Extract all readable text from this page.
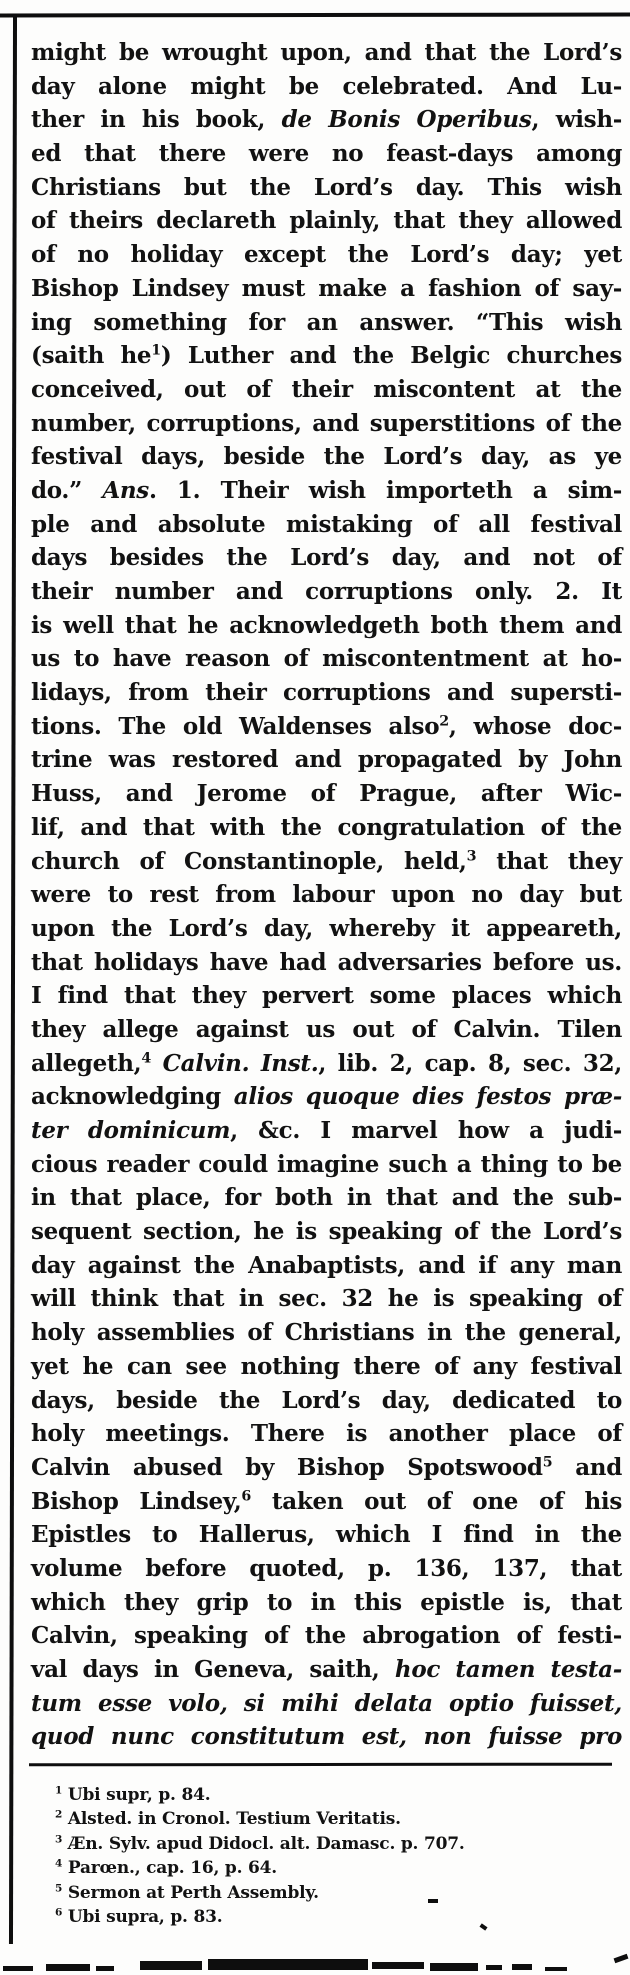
might be wrought upon, and that the Lord’s
day alone might be celebrated. And Lu-
ther in his book, de Bonis Operibus, wish-
ed that there were no feast-days among
Christians but the Lord’s day. This wish
of theirs declareth plainly, that they allowed
of no holiday except the Lord’s day; yet
Bishop Lindsey must make a fashion of say-
ing something for an answer. “This wish
(saith $he^1$) Luther and the Belgic churches
conceived, out of their miscontent at the
number, corruptions, and superstitions of the
festival days, beside the Lord’s day, as ye
do.” Ans. 1. Their wish importeth a sim-
ple and absolute mistaking of all festival
days besides the Lord’s day, and not of
their number and corruptions only. 2. It
is well that he acknowledgeth both them and
us to have reason of miscontentment at ho-
lidays, from their corruptions and supersti-
tions. The old Waldenses also$^2$, whose doc-
trine was restored and propagated by John
Huss, and Jerome of Prague, after Wic-
lif, and that with the congratulation of the
church of Constantinople, held,$^3$ that they
were to rest from labour upon no day but
upon the Lord’s day, whereby it appeareth,
that holidays have had adversaries before us.
I find that they pervert some places which
they allege against us out of Calvin. Tilen
allegeth,$^4$ Calvin. Inst., lib. 2, cap. 8, sec. 32,
acknowledging alios quoque dies festos præ-
ter dominicum, &c. I marvel how a judi-
cious reader could imagine such a thing to be
in that place, for both in that and the sub-
sequent section, he is speaking of the Lord’s
day against the Anabaptists, and if any man
will think that in sec. 32 he is speaking of
holy assemblies of Christians in the general,
yet he can see nothing there of any festival
days, beside the Lord’s day, dedicated to
holy meetings. There is another place of
Calvin abused by Bishop Spotswood$^5$ and
Bishop Lindsey,$^6$ taken out of one of his
Epistles to Hallerus, which I find in the
volume before quoted, p. 136, 137, that
which they grip to in this epistle is, that
Calvin, speaking of the abrogation of festi-
val days in Geneva, saith, hoc tamen testa-
tum esse volo, si mihi delata optio fuisset,
quod nunc constitutum est, non fuisse pro
$^1$ Ubi supr, p. 84.
$^2$ Alsted. in Cronol. Testium Veritatis.
$^3$ Æn. Sylv. apud Didocl. alt. Damasc. p. 707.
$^4$ Parœn., cap. 16, p. 64.
$^5$ Sermon at Perth Assembly.
$^6$ Ubi supra, p. 83.
